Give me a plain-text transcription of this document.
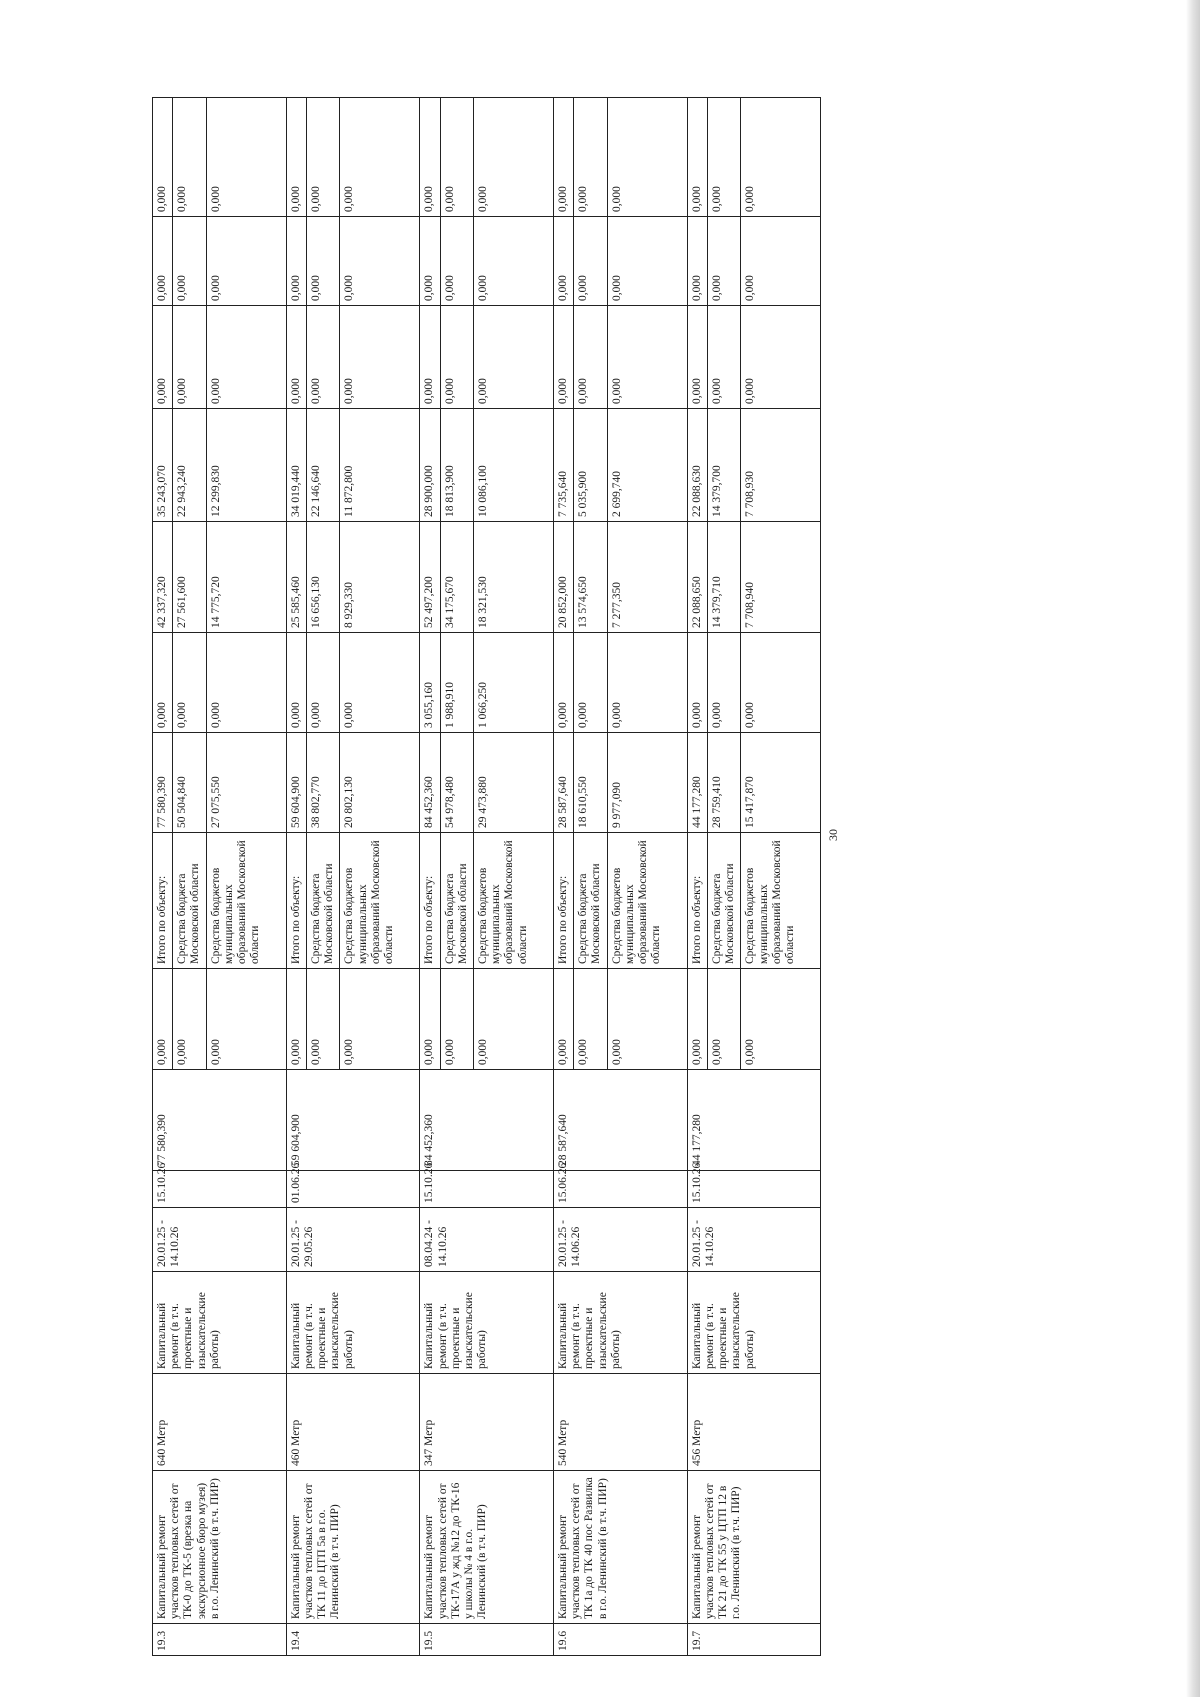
19.3	Капитальный ремонт участков тепловых сетей от ТК-0 до ТК-5 (врезка на экскурсионное бюро музея) в г.о. Ленинский (в т.ч. ПИР)	640 Метр	Капитальный ремонт (в т.ч. проектные и изыскательские работы)	20.01.25 - 14.10.26	15.10.26	77 580,390	0,000	Итого по объекту:	77 580,390	0,000	42 337,320	35 243,070	0,000	0,000	0,000
							0,000	Средства бюджета Московской области	50 504,840	0,000	27 561,600	22 943,240	0,000	0,000	0,000
							0,000	Средства бюджетов муниципальных образований Московской области	27 075,550	0,000	14 775,720	12 299,830	0,000	0,000	0,000
19.4	Капитальный ремонт участков тепловых сетей от ТК 11 до ЦТП 5а в г.о. Ленинский (в т.ч. ПИР)	460 Метр	Капитальный ремонт (в т.ч. проектные и изыскательские работы)	20.01.25 - 29.05.26	01.06.26	59 604,900	0,000	Итого по объекту:	59 604,900	0,000	25 585,460	34 019,440	0,000	0,000	0,000
							0,000	Средства бюджета Московской области	38 802,770	0,000	16 656,130	22 146,640	0,000	0,000	0,000
							0,000	Средства бюджетов муниципальных образований Московской области	20 802,130	0,000	8 929,330	11 872,800	0,000	0,000	0,000
19.5	Капитальный ремонт участков тепловых сетей от ТК-17А у жд №12 до ТК-16 у школы № 4 в г.о. Ленинский (в т.ч. ПИР)	347 Метр	Капитальный ремонт (в т.ч. проектные и изыскательские работы)	08.04.24 - 14.10.26	15.10.26	84 452,360	0,000	Итого по объекту:	84 452,360	3 055,160	52 497,200	28 900,000	0,000	0,000	0,000
							0,000	Средства бюджета Московской области	54 978,480	1 988,910	34 175,670	18 813,900	0,000	0,000	0,000
							0,000	Средства бюджетов муниципальных образований Московской области	29 473,880	1 066,250	18 321,530	10 086,100	0,000	0,000	0,000
19.6	Капитальный ремонт участков тепловых сетей от ТК 1а до ТК 40 пос Развилка в г.о. Ленинский (в т.ч. ПИР)	540 Метр	Капитальный ремонт (в т.ч. проектные и изыскательские работы)	20.01.25 - 14.06.26	15.06.26	28 587,640	0,000	Итого по объекту:	28 587,640	0,000	20 852,000	7 735,640	0,000	0,000	0,000
							0,000	Средства бюджета Московской области	18 610,550	0,000	13 574,650	5 035,900	0,000	0,000	0,000
							0,000	Средства бюджетов муниципальных образований Московской области	9 977,090	0,000	7 277,350	2 699,740	0,000	0,000	0,000
19.7	Капитальный ремонт участков тепловых сетей от ТК 21 до ТК 55 у ЦТП 12 в г.о. Ленинский (в т.ч. ПИР)	456 Метр	Капитальный ремонт (в т.ч. проектные и изыскательские работы)	20.01.25 - 14.10.26	15.10.26	44 177,280	0,000	Итого по объекту:	44 177,280	0,000	22 088,650	22 088,630	0,000	0,000	0,000
							0,000	Средства бюджета Московской области	28 759,410	0,000	14 379,710	14 379,700	0,000	0,000	0,000
							0,000	Средства бюджетов муниципальных образований Московской области	15 417,870	0,000	7 708,940	7 708,930	0,000	0,000	0,000
30
